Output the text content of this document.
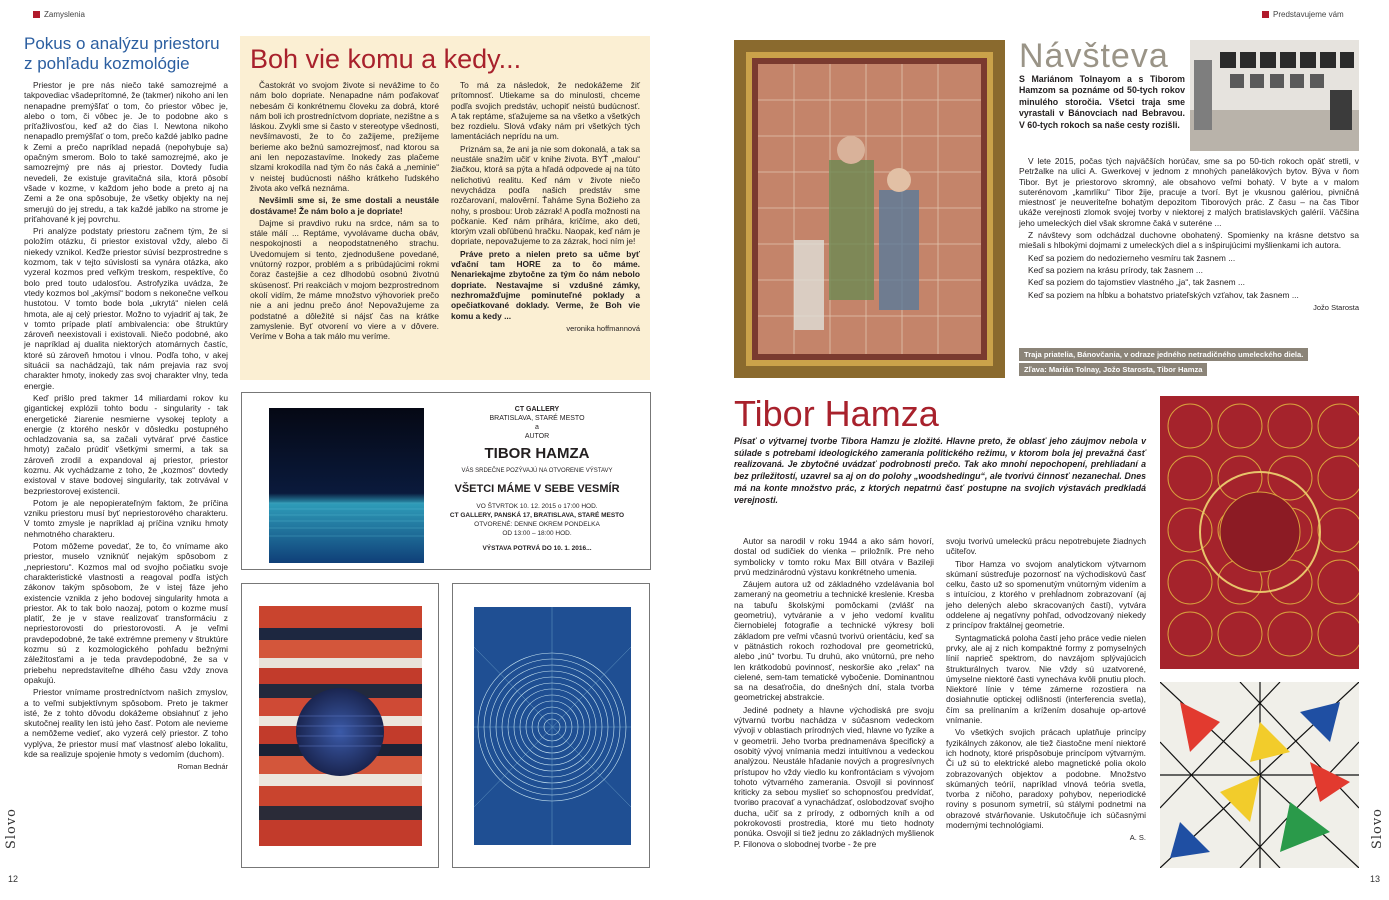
Zamyslenia
Pokus o analýzu priestoru z pohľadu kozmológie

Priestor je pre nás niečo také samozrejmé a takpovediac všadeprítomné, že (takmer) nikoho ani len nenapadne premýšľať o tom, čo priestor vôbec je, alebo o tom, či vôbec je. Je to podobne ako s príťažlivosťou, keď až do čias I. Newtona nikoho nenapadlo premýšľať o tom, prečo každé jablko padne k Zemi a prečo napríklad nepadá (nepohybuje sa) opačným smerom. Bolo to také samozrejmé, ako je samozrejmý pre nás aj priestor. Dovtedy ľudia nevedeli, že existuje gravitačná sila, ktorá pôsobí všade v kozme, v každom jeho bode a preto aj na Zemi a že ona spôsobuje, že všetky objekty na nej smerujú do jej stredu, a tak každé jablko na strome je priťahované k jej povrchu.

Pri analýze podstaty priestoru začnem tým, že si položím otázku, či priestor existoval vždy, alebo či niekedy vznikol. Keďže priestor súvisí bezprostredne s kozmom, tak v tejto súvislosti sa vynára otázka, ako vyzeral kozmos pred veľkým treskom, respektíve, čo bolo pred touto udalosťou. Astrofyzika uvádza, že vtedy kozmos bol „akýmsi“ bodom s nekonečne veľkou hustotou. V tomto bode bola „ukrytá“ nielen celá hmota, ale aj celý priestor. Možno to vyjadriť aj tak, že v tomto prípade platí ambivalencia: obe štruktúry zároveň neexistovali i existovali. Niečo podobné, ako je napríklad aj dualita niektorých atomárnych častíc, ktoré sú zároveň hmotou i vlnou. Podľa toho, v akej situácii sa nachádzajú, tak nám prejavia raz svoj charakter hmoty, inokedy zas svoj charakter vlny, teda energie.

Keď prišlo pred takmer 14 miliardami rokov ku gigantickej explózii tohto bodu - singularity - tak energetické žiarenie nesmierne vysokej teploty a energie (z ktorého neskôr v dôsledku postupného ochladzovania sa, sa začali vytvárať prvé častice hmoty) začalo prúdiť všetkými smermi, a tak sa zároveň zrodil a expandoval aj priestor, priestor kozmu. Ak vychádzame z toho, že „kozmos“ dovtedy existoval v stave bodovej singularity, tak zotrvával v bezpriestorovej existencii.

Potom je ale nepopierateľným faktom, že príčina vzniku priestoru musí byť nepriestorového charakteru. V tomto zmysle je napríklad aj príčina vzniku hmoty nehmotného charakteru.

Potom môžeme povedať, že to, čo vnímame ako priestor, muselo vzniknúť nejakým spôsobom z „nepriestoru“. Kozmos mal od svojho počiatku svoje charakteristické vlastnosti a reagoval podľa istých zákonov takým spôsobom, že v istej fáze jeho existencie vznikla z jeho bodovej singularity hmota a priestor. Ak to tak bolo naozaj, potom o kozme musí platiť, že je v stave realizovať transformáciu z nepriestorovosti do priestorovosti. A je veľmi pravdepodobné, že také extrémne premeny v štruktúre kozmu sú z kozmologického pohľadu bežnými záležitosťami a je teda pravdepodobné, že sa v priebehu nepredstaviteľne dlhého času vždy znova opakujú.

Priestor vnímame prostredníctvom našich zmyslov, a to veľmi subjektívnym spôsobom. Preto je takmer isté, že z tohto dôvodu dokážeme obsiahnuť z jeho skutočnej reality len istú jeho časť. Potom ale nevieme a nemôžeme vedieť, ako vyzerá celý priestor. Z toho vyplýva, že priestor musí mať vlastnosť alebo lokalitu, kde sa realizuje spojenie hmoty s vedomím (duchom).

Roman Bednár
Boh vie komu a kedy...

Častokrát vo svojom živote si nevážime to čo nám bolo dopriate. Nenapadne nám poďakovať nebesám či konkrétnemu človeku za dobrá, ktoré nám boli ich prostredníctvom dopriate, nezištne a s láskou. Zvykli sme si často v stereotype všednosti, nevšímavosti, že to čo zažijeme, prežijeme berieme ako bežnú samozrejmosť, nad ktorou sa ani len nepozastavíme. Inokedy zas plačeme slzami krokodíla nad tým čo nás čaká a „neminie“ v neistej budúcnosti nášho krátkeho ľudského života ako veľká neznáma.

Nevšimli sme si, že sme dostali a neustále dostávame! Že nám bolo a je dopriate!

Dajme si pravdivo ruku na srdce, nám sa to stále málí ... Reptáme, vyvolávame ducha obáv, nespokojnosti a neopodstatneného strachu. Uvedomujem si tento, zjednodušene povedané, vnútorný rozpor, problém a s pribúdajúcimi rokmi čoraz častejšie a cez dlhodobú osobnú životnú skúsenosť. Pri reakciách v mojom bezprostrednom okolí vidím, že máme množstvo výhovoriek prečo nie a ani jednu prečo áno! Nepovažujeme za podstatné a dôležité si nájsť čas na krátke zamyslenie. Byť otvorení vo viere a v dôvere. Veríme v Boha a tak málo mu veríme.

To má za následok, že nedokážeme žiť prítomnosť. Utiekame sa do minulosti, chceme podľa svojich predstáv, uchopiť neistú budúcnosť. A tak reptáme, sťažujeme sa na všetko a všetkých bez rozdielu. Slová vďaky nám pri všetkých tých lamentáciách neprídu na um.

Priznám sa, že ani ja nie som dokonalá, a tak sa neustále snažím učiť v knihe života. BYŤ „malou“ žiačkou, ktorá sa pýta a hľadá odpovede aj na túto nelichotivú realitu. Keď nám v živote niečo nevychádza podľa našich predstáv sme rozčarovaní, malověrní. Ťaháme Syna Božieho za nohy, s prosbou: Urob zázrak! A podľa možnosti na počkanie. Keď nám prihára, kričíme, ako deti, ktorým vzali obľúbenú hračku. Naopak, keď nám je dopriate, nepovažujeme to za zázrak, hoci ním je!

Práve preto a nielen preto sa učme byť vďační tam HORE za to čo máme. Nenariekajme zbytočne za tým čo nám nebolo dopriate. Nestavajme si vzdušné zámky, nezhromažďujme pominuteľné poklady a opečiatkované doklady. Verme, že Boh vie komu a kedy ...

veronika hoffmannová
CT GALLERY
BRATISLAVA, STARÉ MESTO
a
AUTOR
TIBOR HAMZA
VÁS SRDEČNE POZÝVAJÚ NA OTVORENIE VÝSTAVY
VŠETCI MÁME V SEBE VESMÍR
VO ŠTVRTOK 10. 12. 2015 o 17:00 HOD.
CT GALLERY, PANSKÁ 17, BRATISLAVA, STARÉ MESTO
OTVORENÉ: DENNE OKREM PONDELKA
OD 13:00 – 18:00 HOD.
VÝSTAVA POTRVÁ DO 10. 1. 2016...
Slovo
12
Predstavujeme vám
Návšteva
S Mariánom Tolnayom a s Tiborom Hamzom sa poznáme od 50-tych rokov minulého storočia. Všetci traja sme vyrastali v Bánovciach nad Bebravou. V 60-tych rokoch sa naše cesty rozišli.

V lete 2015, počas tých najväčších horúčav, sme sa po 50-tich rokoch opäť stretli, v Petržalke na ulici A. Gwerkovej v jednom z mnohých panelákových bytov. Býva v ňom Tibor. Byt je priestorovo skromný, ale obsahovo veľmi bohatý. V byte a v malom suterénovom „kamrlíku“ Tibor žije, pracuje a tvorí. Byt je vkusnou galériou, pivničná miestnosť je neuveriteľne bohatým depozitom Tiborových prác. Z času – na čas Tibor ukáže verejnosti zlomok svojej tvorby v niektorej z malých bratislavských galérií. Väčšina jeho umeleckých diel však skromne čaká v suteréne ...

Z návštevy som odchádzal duchovne obohatený. Spomienky na krásne detstvo sa miešali s hlbokými dojmami z umeleckých diel a s inšpirujúcimi myšlienkami ich autora.

Keď sa poziem do nedozierneho vesmíru tak žasnem ...

Keď sa poziem na krásu prírody, tak žasnem ...

Keď sa poziem do tajomstiev vlastného „ja“, tak žasnem ...

Keď sa poziem na hĺbku a bohatstvo priateľských vzťahov, tak žasnem ...

Jožo Starosta
Traja priatelia, Bánovčania, v odraze jedného netradičného umeleckého diela.
Zľava: Marián Tolnay, Jožo Starosta, Tibor Hamza
Tibor Hamza
Písať o výtvarnej tvorbe Tibora Hamzu je zložité. Hlavne preto, že oblasť jeho záujmov nebola v súlade s potrebami ideologického zamerania politického režimu, v ktorom bola jej prevažná časť realizovaná. Je zbytočné uvádzať podrobnosti prečo. Tak ako mnohí nepochopení, prehliadaní a bez príležitostí, uzavrel sa aj on do polohy „woodshedingu“, ale tvorivú činnosť nezanechal. Dnes má na konte množstvo prác, z ktorých nepatrnú časť postupne na svojich výstavách predkladá verejnosti.

Autor sa narodil v roku 1944 a ako sám hovorí, dostal od sudičiek do vienka – priložník. Pre neho symbolicky v tomto roku Max Bill otvára v Bazileji prvú medzinárodnú výstavu konkrétneho umenia.

Záujem autora už od základného vzdelávania bol zameraný na geometriu a technické kreslenie. Kresba na tabuľu školskými pomôckami (zvlášť na geometriu), vytváranie a v jeho vedomí kvalitu čiernobielej fotografie a technické výkresy boli základom pre veľmi včasnú tvorivú orientáciu, keď sa v pätnástich rokoch rozhodoval pre geometrickú, alebo „inú“ tvorbu. Tu druhú, ako vnútornú, pre neho len krátkodobú povinnosť, neskoršie ako „relax“ na cielené, sem-tam tematické vybočenie. Dominantnou sa na desaťročia, do dnešných dní, stala tvorba geometrickej abstrakcie.

Jediné podnety a hlavne východiská pre svoju výtvarnú tvorbu nachádza v súčasnom vedeckom vývoji v oblastiach prírodných vied, hlavne vo fyzike a v geometrii. Jeho tvorba prednamenáva špecifický a osobitý vývoj vnímania medzi intuitívnou a vedeckou analýzou. Neustále hľadanie nových a progresívnych prístupov ho vždy viedlo ku konfrontáciam s vývojom tohoto výtvarného zamerania. Osvojil si povinnosť kriticky za sebou myslieť so schopnosťou predvídať, tvoriво pracovať a vynachádzať, oslobodzovať svojho ducha, učiť sa z prírody, z odborných kníh a od pokrokovosti prostredia, ktoré mu tieto hodnoty ponúka. Osvojil si tiež jednu zo základných myšlienok P. Filonova o slobodnej tvorbe - že pre

svoju tvorivú umeleckú prácu nepotrebujete žiadnych učiteľov.

Tibor Hamza vo svojom analytickom výtvarnom skúmaní sústreďuje pozornosť na východiskovú časť celku, často už so spomenutým vnútorným videním a s intuíciou, z ktorého v prehĺadnom zobrazovaní (aj jeho delených alebo skracovaných častí), vytvára oddelene aj negatívny pohľad, odvodzovaný niekedy z princípov fraktálnej geometrie.

Syntagmatická poloha častí jeho práce vedie nielen prvky, ale aj z nich kompaktné formy z pomyselných línií naprieč spektrom, do navzájom splývajúcich štrukturálnych tvarov. Nie vždy sú uzatvorené, úmyselne niektoré časti vynecháva kvôli pnutiu ploch. Niektoré línie v téme zámerne rozostiera na dosiahnutie optickej odlišnosti (interferencia svetla), čím sa prelínaním a krížením dosahuje op-artové vnímanie.

Vo všetkých svojich prácach uplatňuje princípy fyzikálnych zákonov, ale tiež čiastočne mení niektoré ich hodnoty, ktoré prispôsobuje princípom výtvarným. Či už sú to elektrické alebo magnetické polia okolo zobrazovaných objektov a podobne. Množstvo skúmaných teórií, napríklad vlnová teória svetla, tvorba z ničoho, paradoxy pohybov, neperiodické roviny s posunom symetrií, sú stálymi podnetmi na obrazové stvárňovanie. Uskutočňuje ich súčasnými modernými technológiami.

A. S.	Slovo
13
